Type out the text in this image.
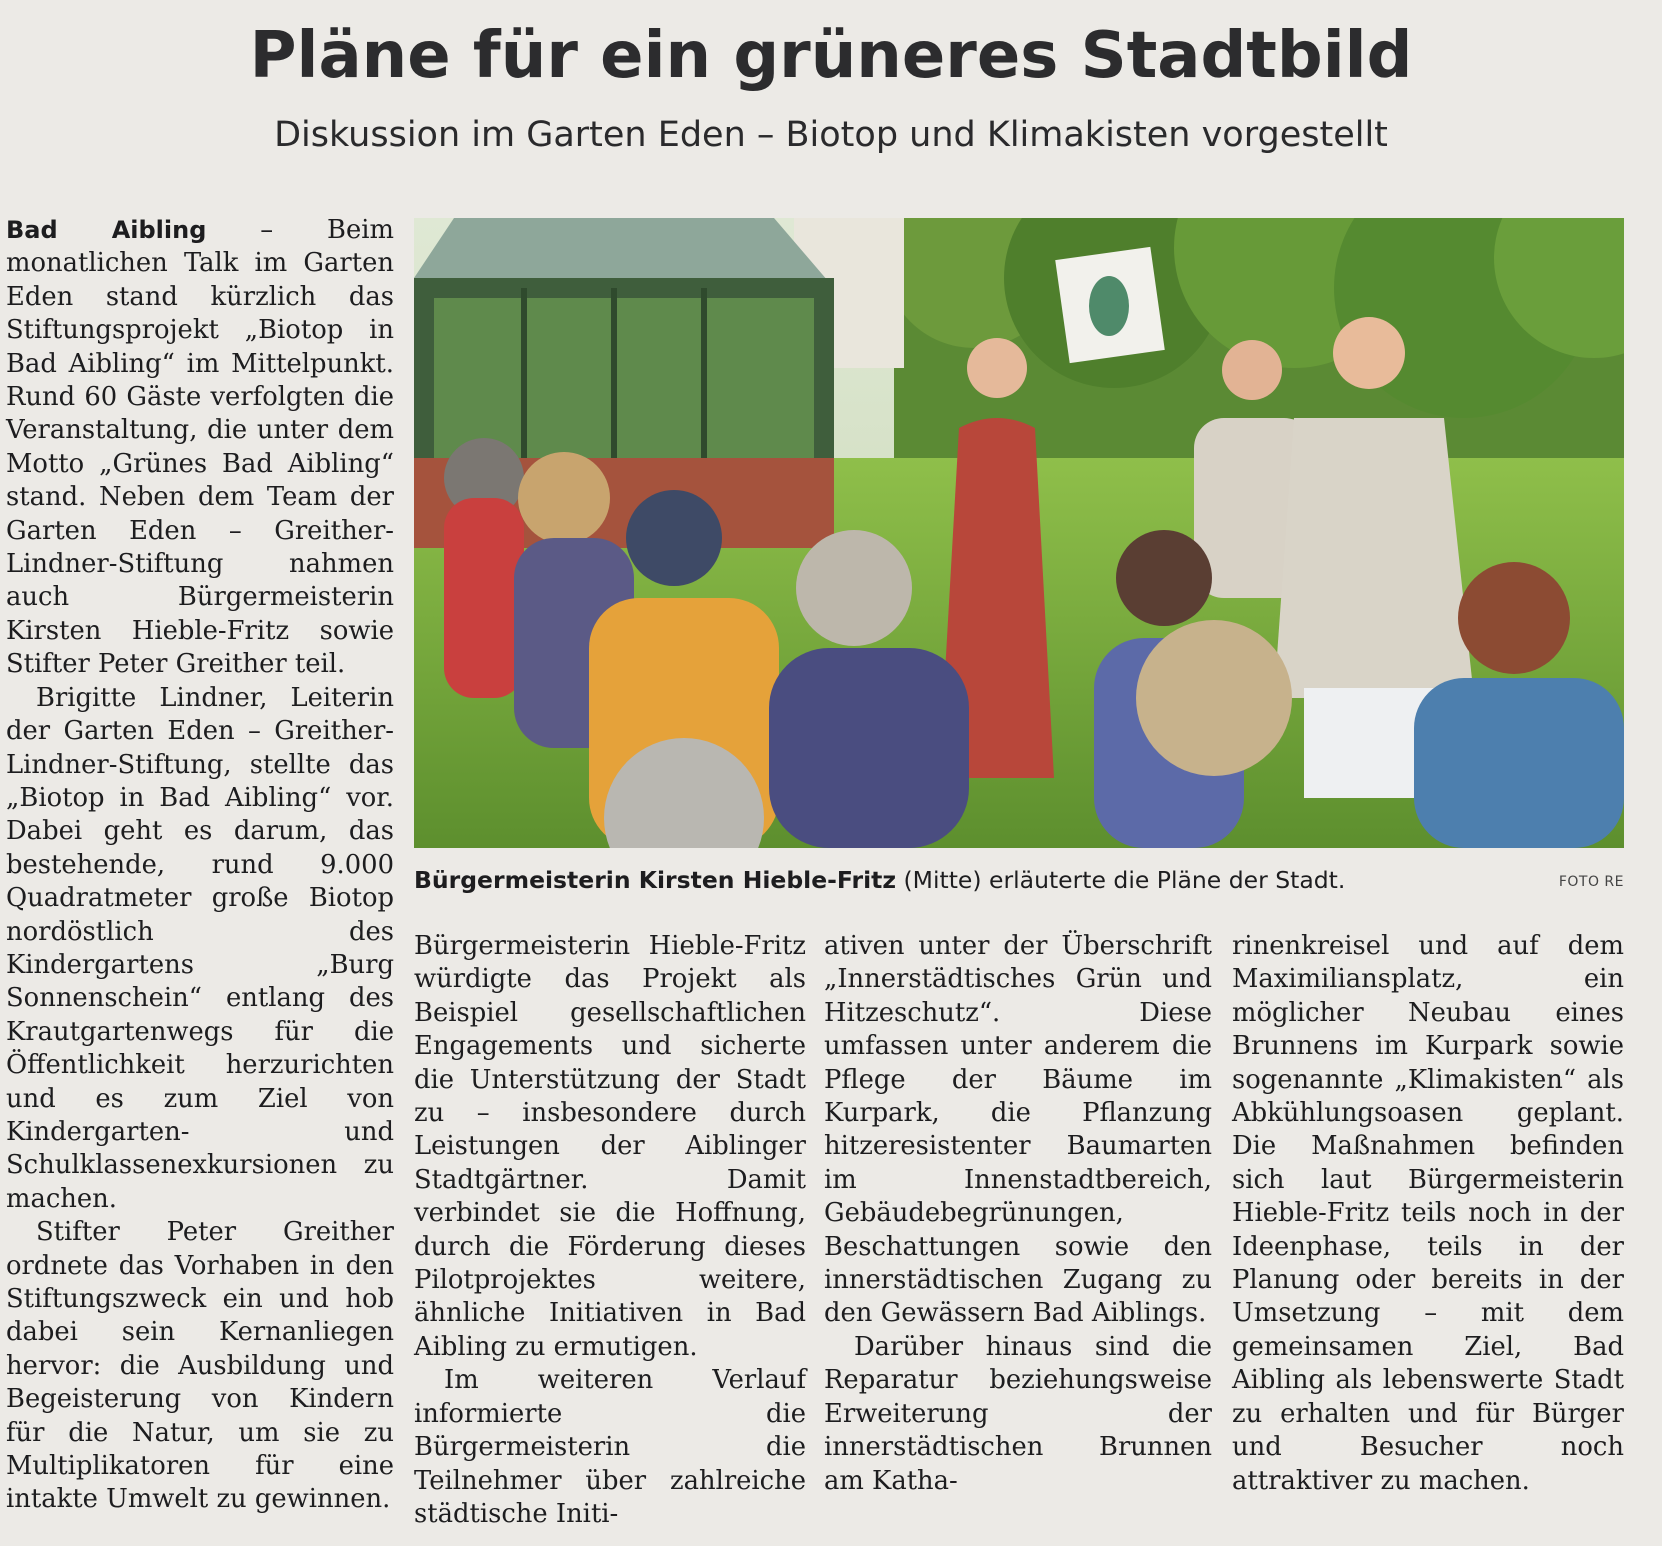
Pläne für ein grüneres Stadtbild
Diskussion im Garten Eden – Biotop und Klimakisten vorgestellt

Bad Aibling – Beim monatlichen Talk im Garten Eden stand kürzlich das Stiftungsprojekt „Biotop in Bad Aibling“ im Mittelpunkt. Rund 60 Gäste verfolgten die Veranstaltung, die unter dem Motto „Grünes Bad Aibling“ stand. Neben dem Team der Garten Eden – Greither-Lindner-Stiftung nahmen auch Bürgermeisterin Kirsten Hieble-Fritz sowie Stifter Peter Greither teil.

Brigitte Lindner, Leiterin der Garten Eden – Greither-Lindner-Stiftung, stellte das „Biotop in Bad Aibling“ vor. Dabei geht es darum, das bestehende, rund 9.000 Quadratmeter große Biotop nordöstlich des Kindergartens „Burg Sonnenschein“ entlang des Krautgartenwegs für die Öffentlichkeit herzurichten und es zum Ziel von Kindergarten- und Schulklassenexkursionen zu machen.

Stifter Peter Greither ordnete das Vorhaben in den Stiftungszweck ein und hob dabei sein Kernanliegen hervor: die Ausbildung und Begeisterung von Kindern für die Natur, um sie zu Multiplikatoren für eine intakte Umwelt zu gewinnen.

Bürgermeisterin Kirsten Hieble-Fritz (Mitte) erläuterte die Pläne der Stadt.	FOTO RE

Bürgermeisterin Hieble-Fritz würdigte das Projekt als Beispiel gesellschaftlichen Engagements und sicherte die Unterstützung der Stadt zu – insbesondere durch Leistungen der Aiblinger Stadtgärtner. Damit verbindet sie die Hoffnung, durch die Förderung dieses Pilotprojektes weitere, ähnliche Initiativen in Bad Aibling zu ermutigen.

Im weiteren Verlauf informierte die Bürgermeisterin die Teilnehmer über zahlreiche städtische Initi-

ativen unter der Überschrift „Innerstädtisches Grün und Hitzeschutz“. Diese umfassen unter anderem die Pflege der Bäume im Kurpark, die Pflanzung hitzeresistenter Baumarten im Innenstadtbereich, Gebäudebegrünungen, Beschattungen sowie den innerstädtischen Zugang zu den Gewässern Bad Aiblings.

Darüber hinaus sind die Reparatur beziehungsweise Erweiterung der innerstädtischen Brunnen am Katha-

rinenkreisel und auf dem Maximiliansplatz, ein möglicher Neubau eines Brunnens im Kurpark sowie sogenannte „Klimakisten“ als Abkühlungsoasen geplant. Die Maßnahmen befinden sich laut Bürgermeisterin Hieble-Fritz teils noch in der Ideenphase, teils in der Planung oder bereits in der Umsetzung – mit dem gemeinsamen Ziel, Bad Aibling als lebenswerte Stadt zu erhalten und für Bürger und Besucher noch attraktiver zu machen.
